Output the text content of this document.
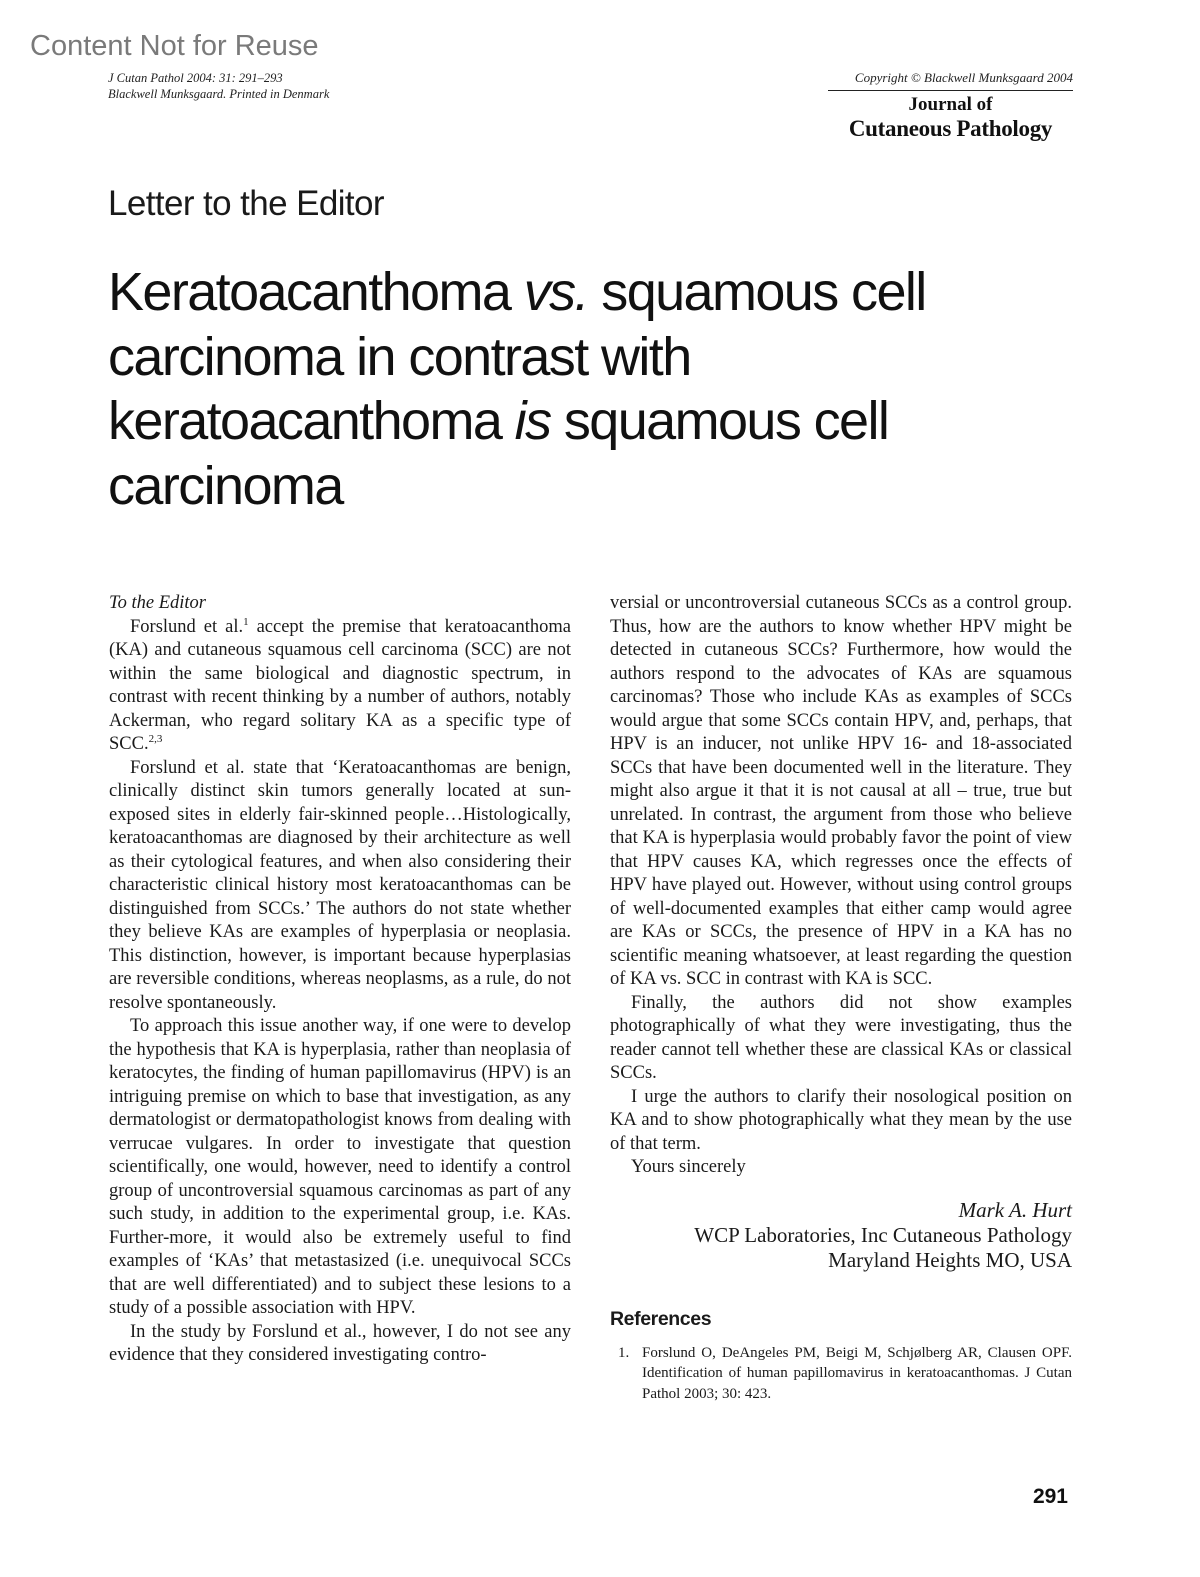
Content Not for Reuse
J Cutan Pathol 2004: 31: 291–293
Blackwell Munksgaard. Printed in Denmark
Copyright © Blackwell Munksgaard 2004
Journal of
Cutaneous Pathology
Letter to the Editor
Keratoacanthoma vs. squamous cell carcinoma in contrast with keratoacanthoma is squamous cell carcinoma

To the Editor

Forslund et al.$^1$ accept the premise that keratoacanthoma (KA) and cutaneous squamous cell carcinoma (SCC) are not within the same biological and diagnostic spectrum, in contrast with recent thinking by a number of authors, notably Ackerman, who regard solitary KA as a specific type of SCC.$^{2,3}$

Forslund et al. state that ‘Keratoacanthomas are benign, clinically distinct skin tumors generally located at sun-exposed sites in elderly fair-skinned people…Histologically, keratoacanthomas are diagnosed by their architecture as well as their cytological features, and when also considering their characteristic clinical history most keratoacanthomas can be distinguished from SCCs.’ The authors do not state whether they believe KAs are examples of hyperplasia or neoplasia. This distinction, however, is important because hyperplasias are reversible conditions, whereas neoplasms, as a rule, do not resolve spontaneously.

To approach this issue another way, if one were to develop the hypothesis that KA is hyperplasia, rather than neoplasia of keratocytes, the finding of human papillomavirus (HPV) is an intriguing premise on which to base that investigation, as any dermatologist or dermatopathologist knows from dealing with verrucae vulgares. In order to investigate that question scientifically, one would, however, need to identify a control group of uncontroversial squamous carcinomas as part of any such study, in addition to the experimental group, i.e. KAs. Further-more, it would also be extremely useful to find examples of ‘KAs’ that metastasized (i.e. unequivocal SCCs that are well differentiated) and to subject these lesions to a study of a possible association with HPV.

In the study by Forslund et al., however, I do not see any evidence that they considered investigating contro-

versial or uncontroversial cutaneous SCCs as a control group. Thus, how are the authors to know whether HPV might be detected in cutaneous SCCs? Furthermore, how would the authors respond to the advocates of KAs are squamous carcinomas? Those who include KAs as examples of SCCs would argue that some SCCs contain HPV, and, perhaps, that HPV is an inducer, not unlike HPV 16- and 18-associated SCCs that have been documented well in the literature. They might also argue it that it is not causal at all – true, true but unrelated. In contrast, the argument from those who believe that KA is hyperplasia would probably favor the point of view that HPV causes KA, which regresses once the effects of HPV have played out. However, without using control groups of well-documented examples that either camp would agree are KAs or SCCs, the presence of HPV in a KA has no scientific meaning whatsoever, at least regarding the question of KA vs. SCC in contrast with KA is SCC.

Finally, the authors did not show examples photographically of what they were investigating, thus the reader cannot tell whether these are classical KAs or classical SCCs.

I urge the authors to clarify their nosological position on KA and to show photographically what they mean by the use of that term.

Yours sincerely

Mark A. Hurt
WCP Laboratories, Inc Cutaneous Pathology
Maryland Heights MO, USA
References
1. Forslund O, DeAngeles PM, Beigi M, Schjølberg AR, Clausen OPF. Identification of human papillomavirus in keratoacanthomas. J Cutan Pathol 2003; 30: 423.
291
